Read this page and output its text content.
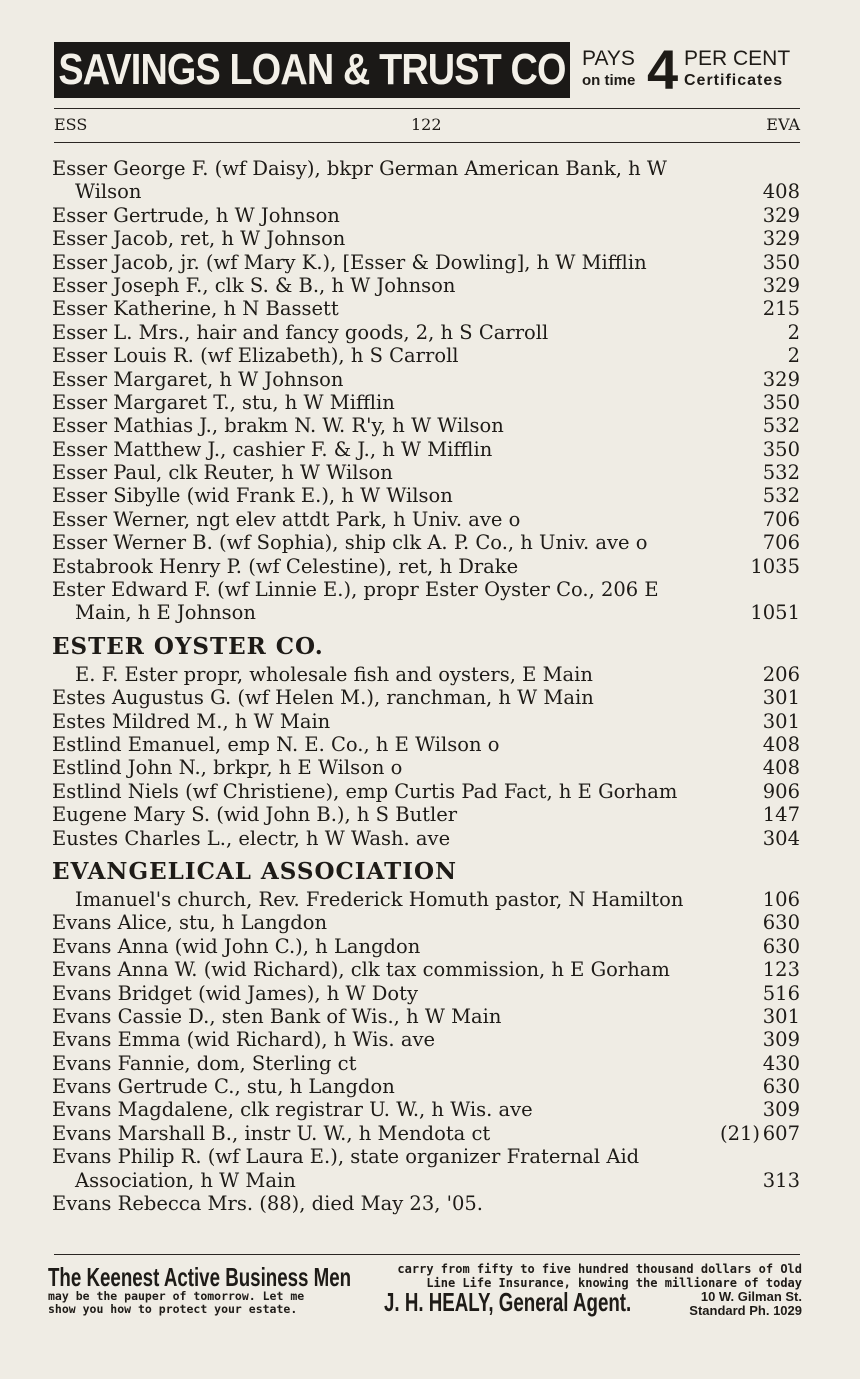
SAVINGS LOAN & TRUST CO PAYS
on time 4 PER CENT
Certificates
ESS	122	EVA
Esser George F. (wf Daisy), bkpr German American Bank, h W
Wilson	408
Esser Gertrude, h W Johnson	329
Esser Jacob, ret, h W Johnson	329
Esser Jacob, jr. (wf Mary K.), [Esser & Dowling], h W Mifflin	350
Esser Joseph F., clk S. & B., h W Johnson	329
Esser Katherine, h N Bassett	215
Esser L. Mrs., hair and fancy goods, 2, h S Carroll	2
Esser Louis R. (wf Elizabeth), h S Carroll	2
Esser Margaret, h W Johnson	329
Esser Margaret T., stu, h W Mifflin	350
Esser Mathias J., brakm N. W. R'y, h W Wilson	532
Esser Matthew J., cashier F. & J., h W Mifflin	350
Esser Paul, clk Reuter, h W Wilson	532
Esser Sibylle (wid Frank E.), h W Wilson	532
Esser Werner, ngt elev attdt Park, h Univ. ave o	706
Esser Werner B. (wf Sophia), ship clk A. P. Co., h Univ. ave o	706
Estabrook Henry P. (wf Celestine), ret, h Drake	1035
Ester Edward F. (wf Linnie E.), propr Ester Oyster Co., 206 E
Main, h E Johnson	1051
ESTER OYSTER CO.
E. F. Ester propr, wholesale fish and oysters, E Main	206
Estes Augustus G. (wf Helen M.), ranchman, h W Main	301
Estes Mildred M., h W Main	301
Estlind Emanuel, emp N. E. Co., h E Wilson o	408
Estlind John N., brkpr, h E Wilson o	408
Estlind Niels (wf Christiene), emp Curtis Pad Fact, h E Gorham	906
Eugene Mary S. (wid John B.), h S Butler	147
Eustes Charles L., electr, h W Wash. ave	304
EVANGELICAL ASSOCIATION
Imanuel's church, Rev. Frederick Homuth pastor, N Hamilton	106
Evans Alice, stu, h Langdon	630
Evans Anna (wid John C.), h Langdon	630
Evans Anna W. (wid Richard), clk tax commission, h E Gorham	123
Evans Bridget (wid James), h W Doty	516
Evans Cassie D., sten Bank of Wis., h W Main	301
Evans Emma (wid Richard), h Wis. ave	309
Evans Fannie, dom, Sterling ct	430
Evans Gertrude C., stu, h Langdon	630
Evans Magdalene, clk registrar U. W., h Wis. ave	309
Evans Marshall B., instr U. W., h Mendota ct	(21) 607
Evans Philip R. (wf Laura E.), state organizer Fraternal Aid
Association, h W Main	313
Evans Rebecca Mrs. (88), died May 23, '05.
The Keenest Active Business Men	carry from fifty to five hundred thousand dollars of Old
Line Life Insurance, knowing the millionare of today
may be the pauper of tomorrow. Let me
show you how to protect your estate.	J. H. HEALY, General Agent.	10 W. Gilman St.
Standard Ph. 1029
